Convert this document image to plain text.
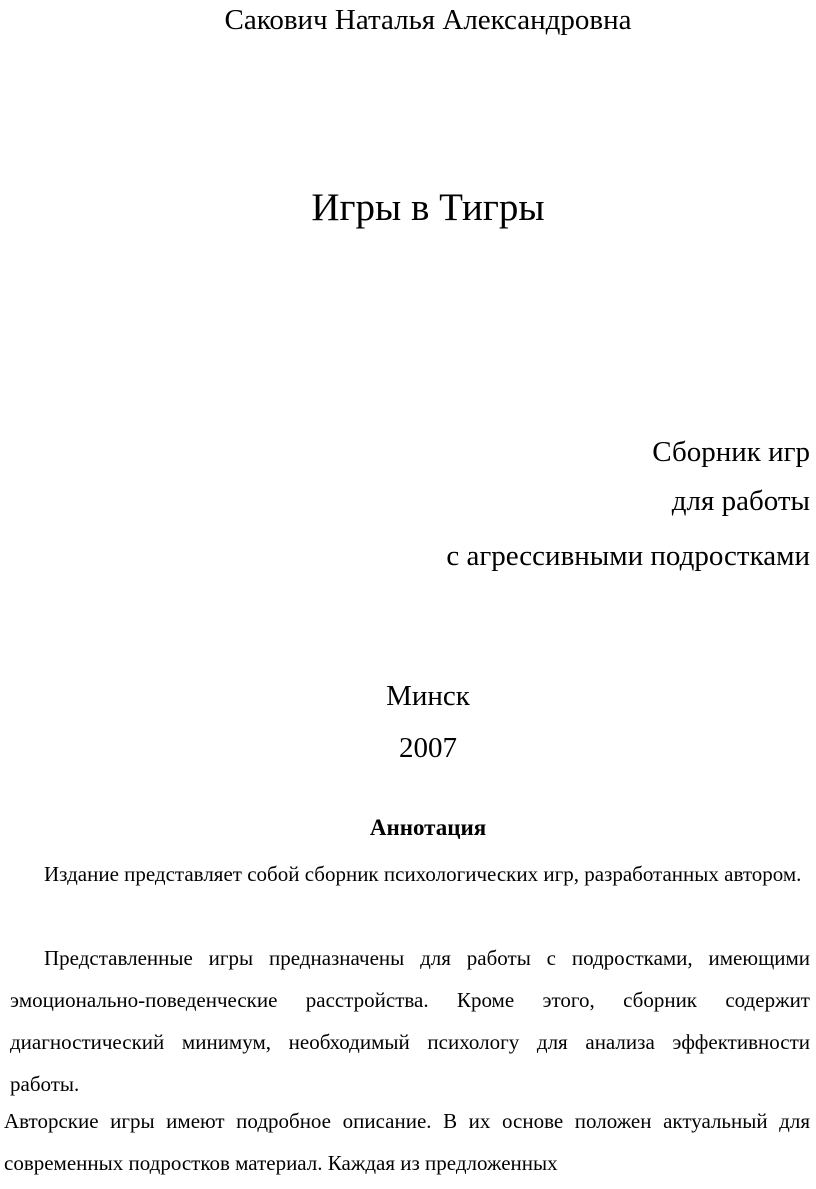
Сакович Наталья Александровна
Игры в Тигры
Сборник игр
для работы
с агрессивными подростками
Минск
2007
Аннотация
Издание представляет собой сборник психологических игр, разработанных автором.
Представленные игры предназначены для работы с подростками, имеющими эмоционально-поведенческие расстройства. Кроме этого, сборник содержит диагностический минимум, необходимый психологу для анализа эффективности работы.
Авторские игры имеют подробное описание. В их основе положен актуальный для современных подростков материал. Каждая из предложенных
